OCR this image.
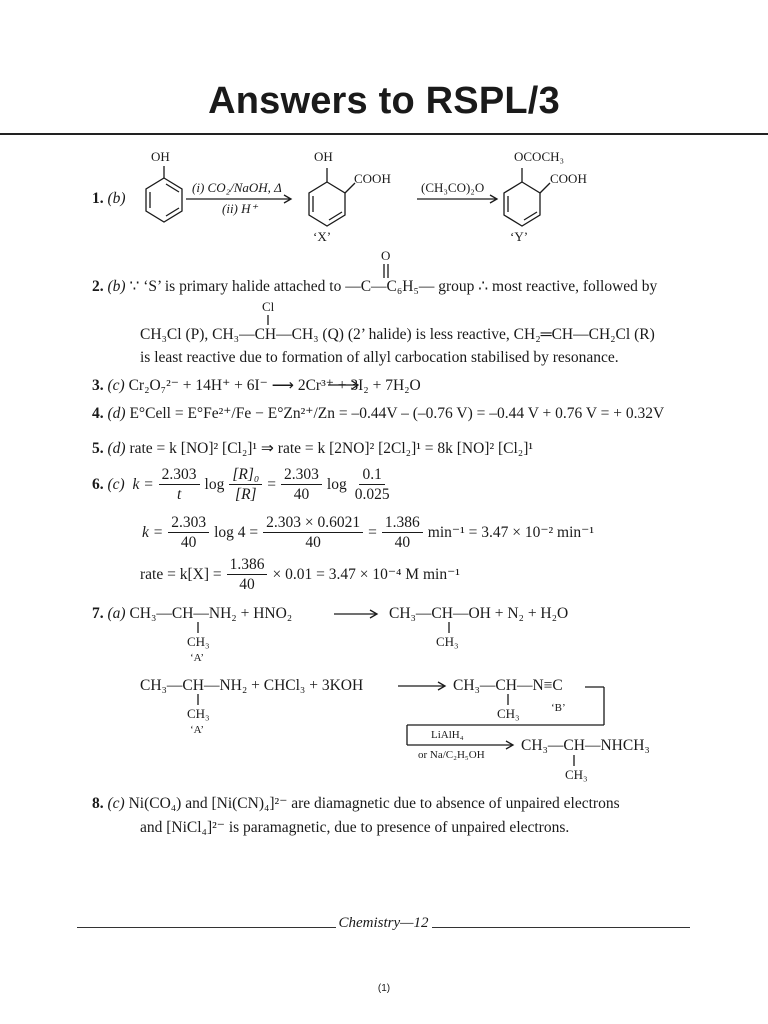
Answers to RSPL/3
1. (b)
OH
(i) CO₂/NaOH, Δ
(ii) H⁺
OH
COOH
‘X’
(CH₃CO)₂O
OCOCH₃
COOH
‘Y’
O
2. (b) ∵ ‘S’ is primary halide attached to —C—C₆H₅— group ∴ most reactive, followed by
Cl
CH₃Cl (P), CH₃—CH—CH₃ (Q) (2’ halide) is less reactive, CH₂═CH—CH₂Cl (R)
is least reactive due to formation of allyl carbocation stabilised by resonance.
3. (c) Cr₂O₇²⁻ + 14H⁺ + 6I⁻ ⟶ 2Cr³⁺ + 3I₂ + 7H₂O
4. (d) E°Cell = E°Fe²⁺/Fe − E°Zn²⁺/Zn = –0.44V – (–0.76 V) = –0.44 V + 0.76 V = + 0.32V
5. (d) rate = k [NO]² [Cl₂]¹ ⇒ rate = k [2NO]² [2Cl₂]¹ = 8k [NO]² [Cl₂]¹
6.
(c)
$k = \frac{2.303}{t}$ $\log \frac{\text{[R]₀}}{[R]} = \frac{2.303}{40}$ $\log \frac{0.1}{0.025}$
$k = \frac{2.303}{40}$ $\log 4 = \frac{2.303 \times 0.6021}{40} = \frac{1.386}{40} \min^{-1} = 3.47 \times 10^{-2}$ min⁻¹
rate = $k[X] = \frac{1.386}{40} \times 0.01 = 3.47 \times 10^{-4}$ M min⁻¹
7. (a) CH₃—CH—NH₂ + HNO₂	CH₃—CH—OH + N₂ + H₂O
CH₃
‘A’
CH₃
CH₃—CH—NH₂ + CHCl₃ + 3KOH	CH₃—CH—N≡C
CH₃
‘A’
CH₃	‘B’
LiAlH₄
or Na/C₂H₅OH
CH₃—CH—NHCH₃
CH₃
8. (c) Ni(CO₄) and [Ni(CN)₄]²⁻ are diamagnetic due to absence of unpaired electrons
and [NiCl₄]²⁻ is paramagnetic, due to presence of unpaired electrons.
Chemistry—12
(1)
